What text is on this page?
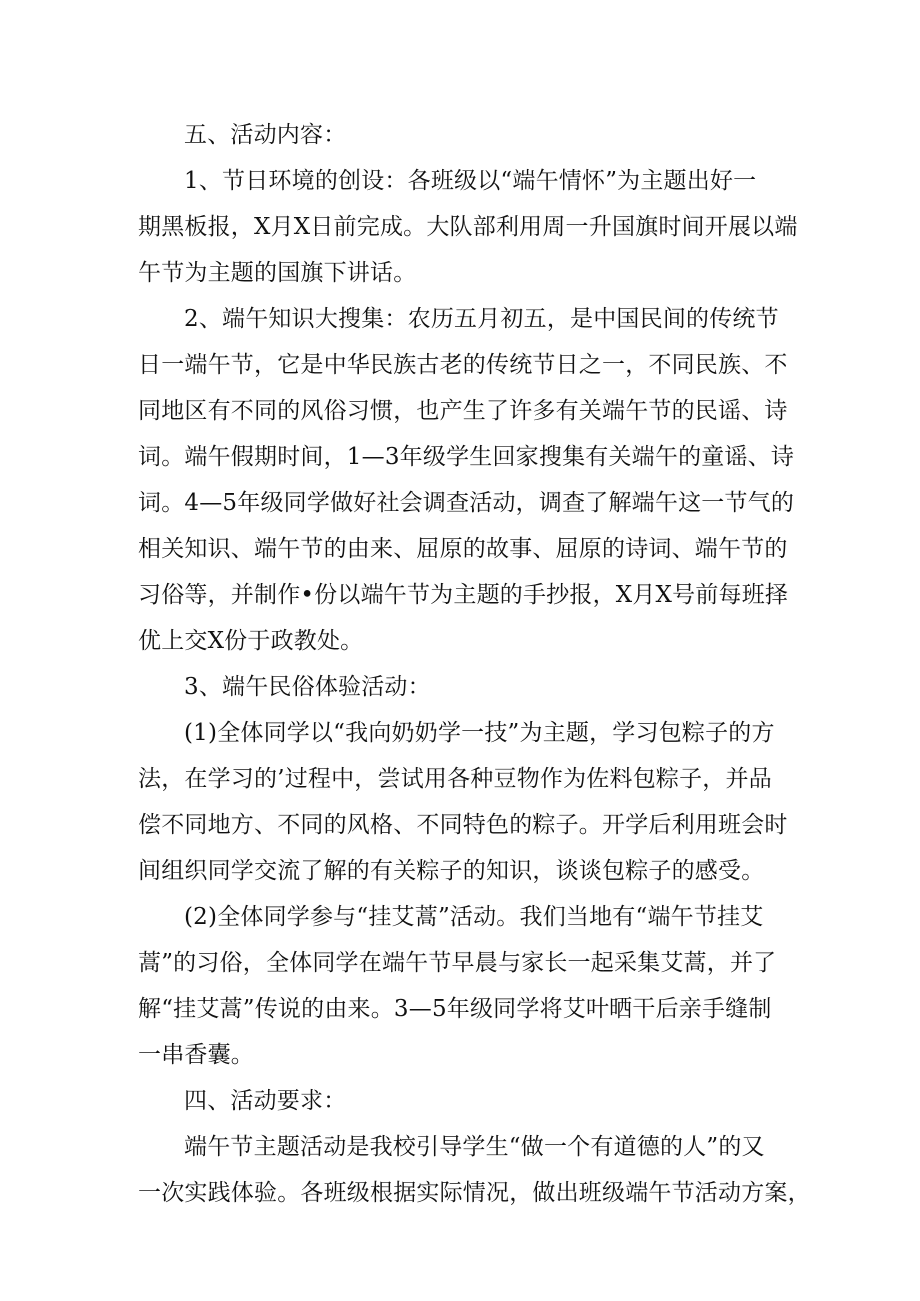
五、活动内容：
1、节日环境的创设：各班级以“端午情怀”为主题出好一
期黑板报，X月X日前完成。大队部利用周一升国旗时间开展以端
午节为主题的国旗下讲话。
2、端午知识大搜集：农历五月初五，是中国民间的传统节
日一端午节，它是中华民族古老的传统节日之一，不同民族、不
同地区有不同的风俗习惯，也产生了许多有关端午节的民谣、诗
词。端午假期时间，1—3年级学生回家搜集有关端午的童谣、诗
词。4—5年级同学做好社会调查活动，调查了解端午这一节气的
相关知识、端午节的由来、屈原的故事、屈原的诗词、端午节的
习俗等，并制作•份以端午节为主题的手抄报，X月X号前每班择
优上交X份于政教处。
3、端午民俗体验活动：
(1)全体同学以“我向奶奶学一技”为主题，学习包粽子的方
法，在学习的’过程中，尝试用各种豆物作为佐料包粽子，并品
偿不同地方、不同的风格、不同特色的粽子。开学后利用班会时
间组织同学交流了解的有关粽子的知识，谈谈包粽子的感受。
(2)全体同学参与“挂艾蒿”活动。我们当地有“端午节挂艾
蒿”的习俗，全体同学在端午节早晨与家长一起采集艾蒿，并了
解“挂艾蒿”传说的由来。3—5年级同学将艾叶晒干后亲手缝制
一串香囊。
四、活动要求：
端午节主题活动是我校引导学生“做一个有道德的人”的又
一次实践体验。各班级根据实际情况，做出班级端午节活动方案，
